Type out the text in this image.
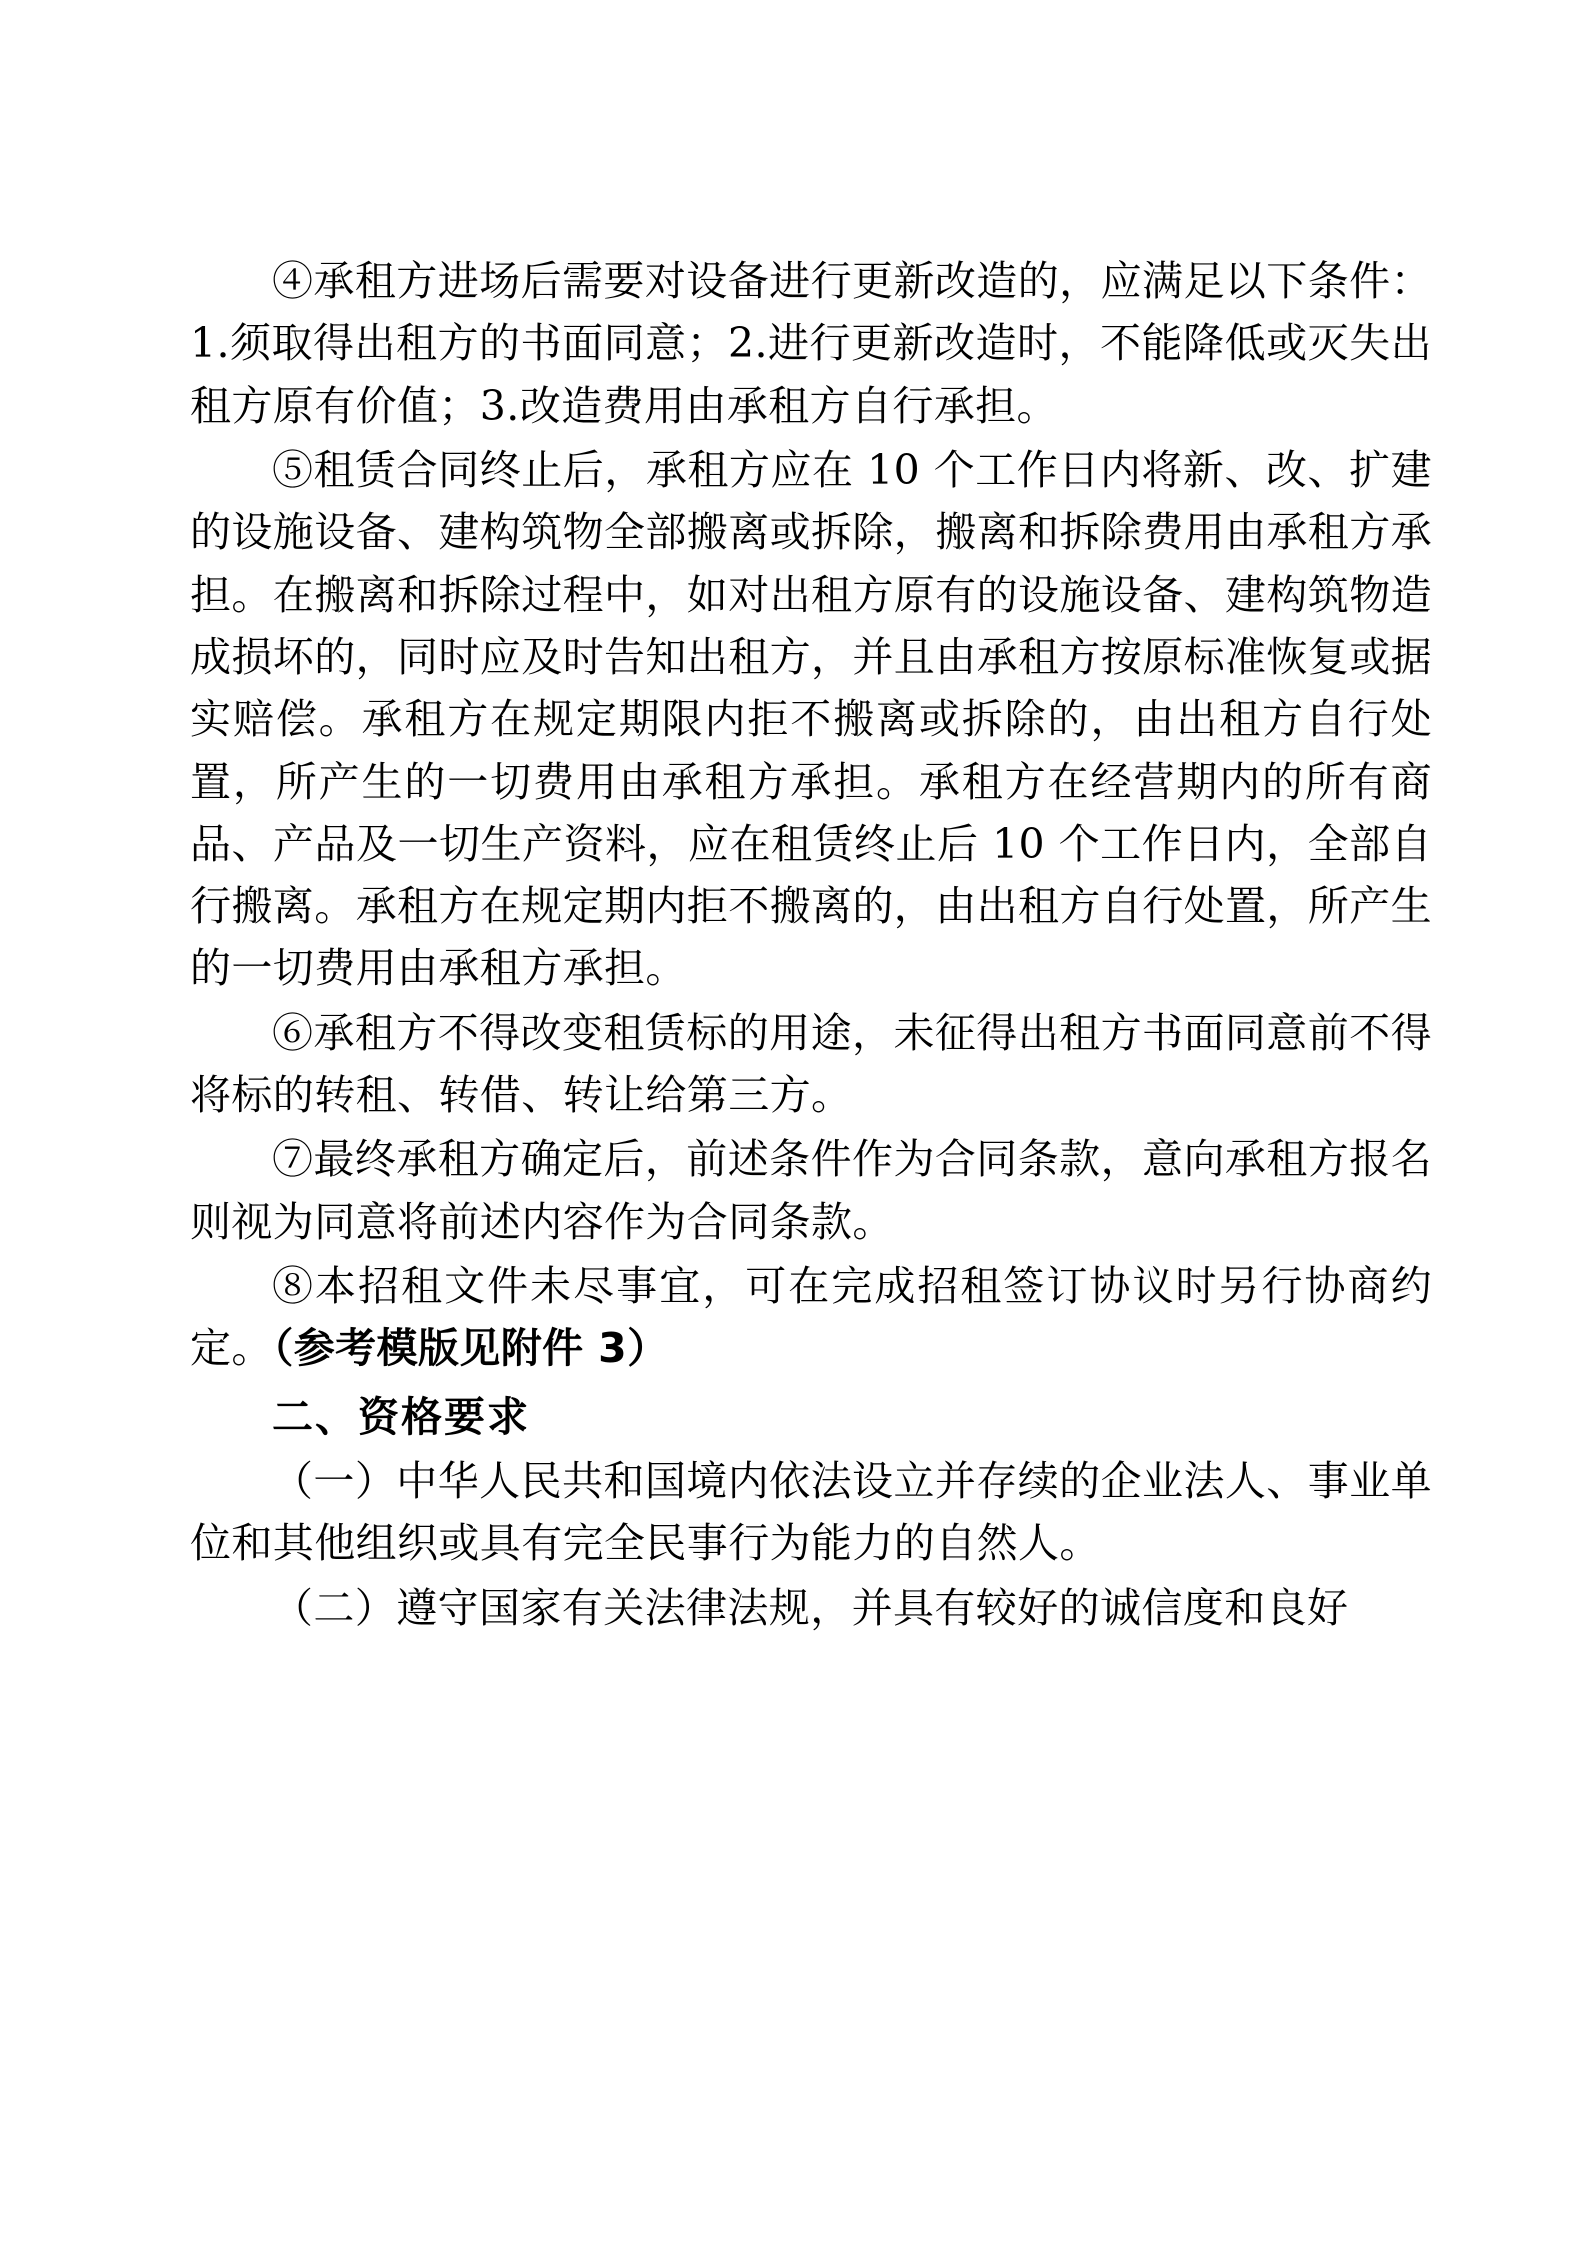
④承租方进场后需要对设备进行更新改造的，应满足以下条件：1.须取得出租方的书面同意；2.进行更新改造时，不能降低或灭失出租方原有价值；3.改造费用由承租方自行承担。

⑤租赁合同终止后，承租方应在 10 个工作日内将新、改、扩建的设施设备、建构筑物全部搬离或拆除，搬离和拆除费用由承租方承担。在搬离和拆除过程中，如对出租方原有的设施设备、建构筑物造成损坏的，同时应及时告知出租方，并且由承租方按原标准恢复或据实赔偿。承租方在规定期限内拒不搬离或拆除的，由出租方自行处置，所产生的一切费用由承租方承担。承租方在经营期内的所有商品、产品及一切生产资料，应在租赁终止后 10 个工作日内，全部自行搬离。承租方在规定期内拒不搬离的，由出租方自行处置，所产生的一切费用由承租方承担。

⑥承租方不得改变租赁标的用途，未征得出租方书面同意前不得将标的转租、转借、转让给第三方。

⑦最终承租方确定后，前述条件作为合同条款，意向承租方报名则视为同意将前述内容作为合同条款。

⑧本招租文件未尽事宜，可在完成招租签订协议时另行协商约定。（参考模版见附件 3）

二、资格要求

（一）中华人民共和国境内依法设立并存续的企业法人、事业单位和其他组织或具有完全民事行为能力的自然人。

（二）遵守国家有关法律法规，并具有较好的诚信度和良好
